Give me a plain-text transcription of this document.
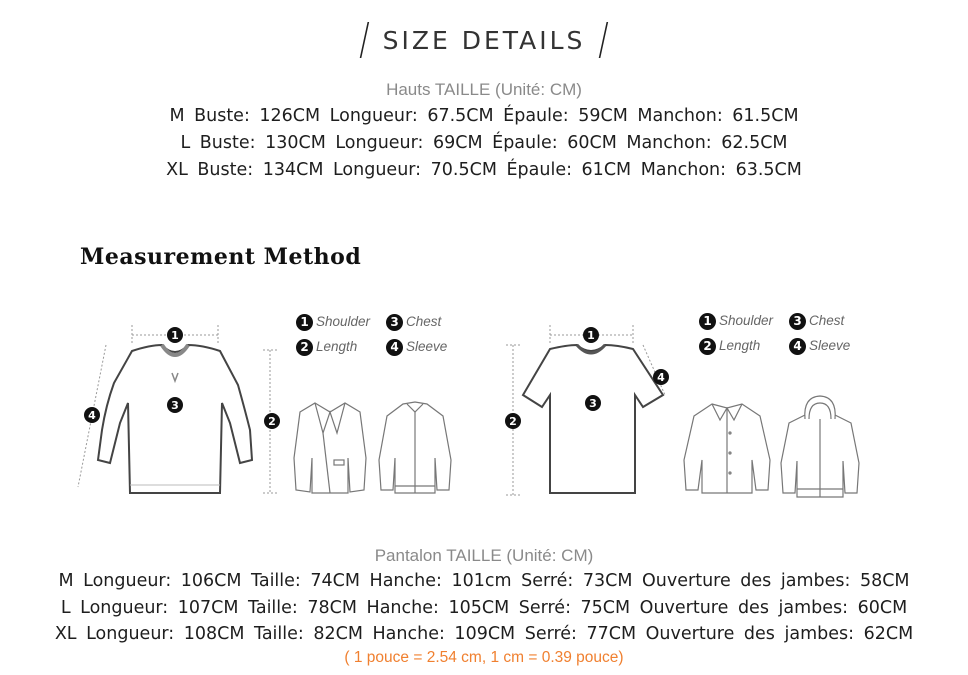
/ SIZE DETAILS /
Hauts TAILLE (Unité: CM)
M Buste: 126CM Longueur: 67.5CM Épaule: 59CM Manchon: 61.5CM
L Buste: 130CM Longueur: 69CM Épaule: 60CM Manchon: 62.5CM
XL Buste: 134CM Longueur: 70.5CM Épaule: 61CM Manchon: 63.5CM
Measurement Method
1
3
2
4
1 Shoulder	3 Chest
2 Length	4 Sleeve
1
3
2
4
1 Shoulder	3 Chest
2 Length	4 Sleeve
Pantalon TAILLE (Unité: CM)
M Longueur: 106CM Taille: 74CM Hanche: 101cm Serré: 73CM Ouverture des jambes: 58CM
L Longueur: 107CM Taille: 78CM Hanche: 105CM Serré: 75CM Ouverture des jambes: 60CM
XL Longueur: 108CM Taille: 82CM Hanche: 109CM Serré: 77CM Ouverture des jambes: 62CM
( 1 pouce = 2.54 cm, 1 cm = 0.39 pouce)
